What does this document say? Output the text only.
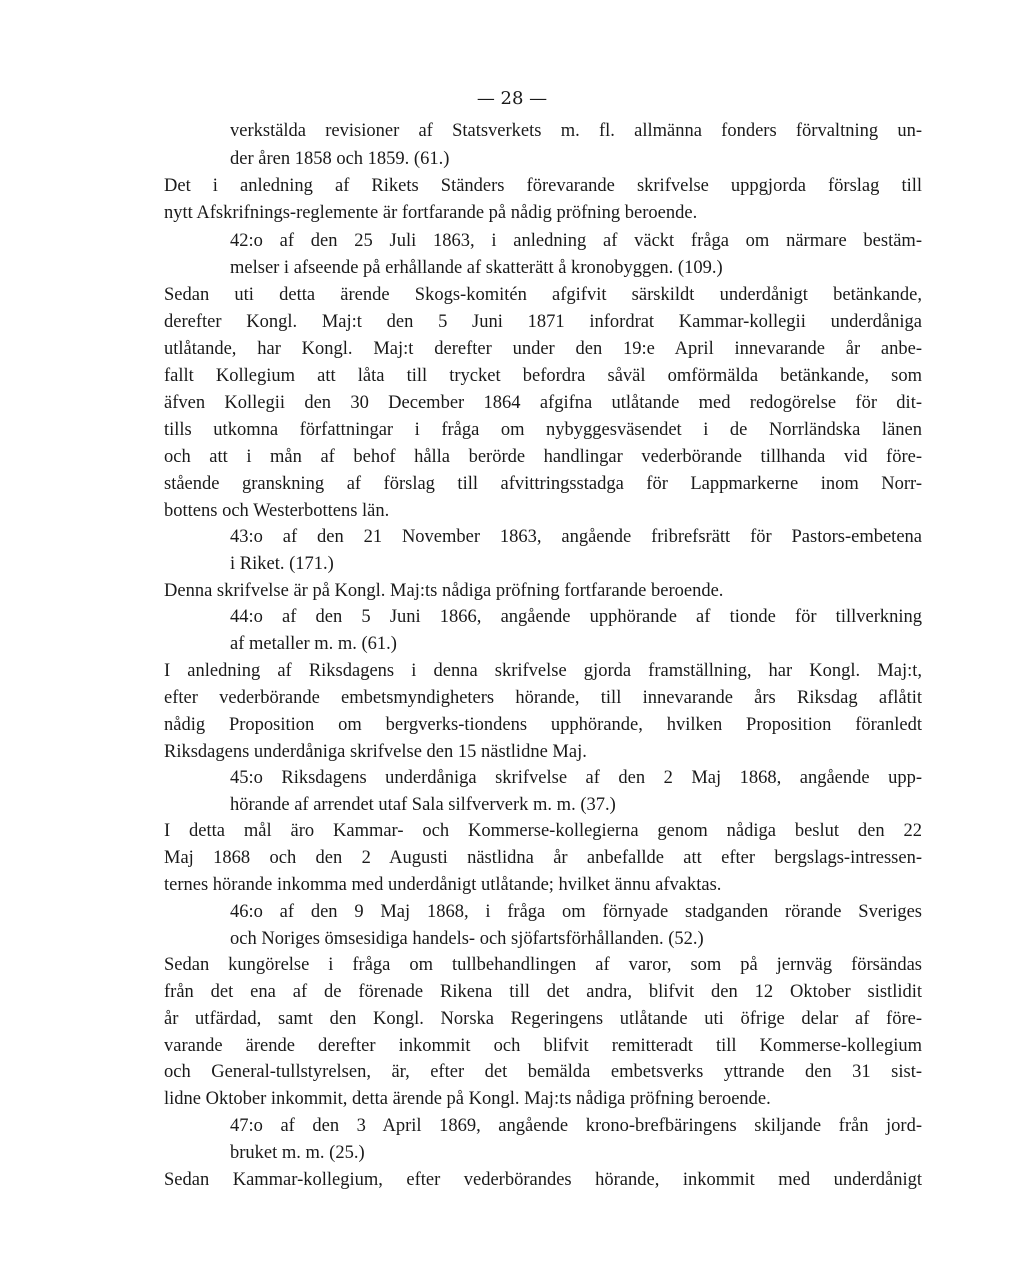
— 28 —
verkstälda revisioner af Statsverkets m. fl. allmänna fonders förvaltning un-
der åren 1858 och 1859. (61.)
Det i anledning af Rikets Ständers förevarande skrifvelse uppgjorda förslag till
nytt Afskrifnings-reglemente är fortfarande på nådig pröfning beroende.
42:o af den 25 Juli 1863, i anledning af väckt fråga om närmare bestäm-
melser i afseende på erhållande af skatterätt å kronobyggen. (109.)
Sedan uti detta ärende Skogs-komitén afgifvit särskildt underdånigt betänkande,
derefter Kongl. Maj:t den 5 Juni 1871 infordrat Kammar-kollegii underdåniga
utlåtande, har Kongl. Maj:t derefter under den 19:e April innevarande år anbe-
fallt Kollegium att låta till trycket befordra såväl omförmälda betänkande, som
äfven Kollegii den 30 December 1864 afgifna utlåtande med redogörelse för dit-
tills utkomna författningar i fråga om nybyggesväsendet i de Norrländska länen
och att i mån af behof hålla berörde handlingar vederbörande tillhanda vid före-
stående granskning af förslag till afvittringsstadga för Lappmarkerne inom Norr-
bottens och Westerbottens län.
43:o af den 21 November 1863, angående fribrefsrätt för Pastors-embetena
i Riket. (171.)
Denna skrifvelse är på Kongl. Maj:ts nådiga pröfning fortfarande beroende.
44:o af den 5 Juni 1866, angående upphörande af tionde för tillverkning
af metaller m. m. (61.)
I anledning af Riksdagens i denna skrifvelse gjorda framställning, har Kongl. Maj:t,
efter vederbörande embetsmyndigheters hörande, till innevarande års Riksdag aflåtit
nådig Proposition om bergverks-tiondens upphörande, hvilken Proposition föranledt
Riksdagens underdåniga skrifvelse den 15 nästlidne Maj.
45:o Riksdagens underdåniga skrifvelse af den 2 Maj 1868, angående upp-
hörande af arrendet utaf Sala silfververk m. m. (37.)
I detta mål äro Kammar- och Kommerse-kollegierna genom nådiga beslut den 22
Maj 1868 och den 2 Augusti nästlidna år anbefallde att efter bergslags-intressen-
ternes hörande inkomma med underdånigt utlåtande; hvilket ännu afvaktas.
46:o af den 9 Maj 1868, i fråga om förnyade stadganden rörande Sveriges
och Noriges ömsesidiga handels- och sjöfartsförhållanden. (52.)
Sedan kungörelse i fråga om tullbehandlingen af varor, som på jernväg försändas
från det ena af de förenade Rikena till det andra, blifvit den 12 Oktober sistlidit
år utfärdad, samt den Kongl. Norska Regeringens utlåtande uti öfrige delar af före-
varande ärende derefter inkommit och blifvit remitteradt till Kommerse-kollegium
och General-tullstyrelsen, är, efter det bemälda embetsverks yttrande den 31 sist-
lidne Oktober inkommit, detta ärende på Kongl. Maj:ts nådiga pröfning beroende.
47:o af den 3 April 1869, angående krono-brefbäringens skiljande från jord-
bruket m. m. (25.)
Sedan Kammar-kollegium, efter vederbörandes hörande, inkommit med underdånigt
